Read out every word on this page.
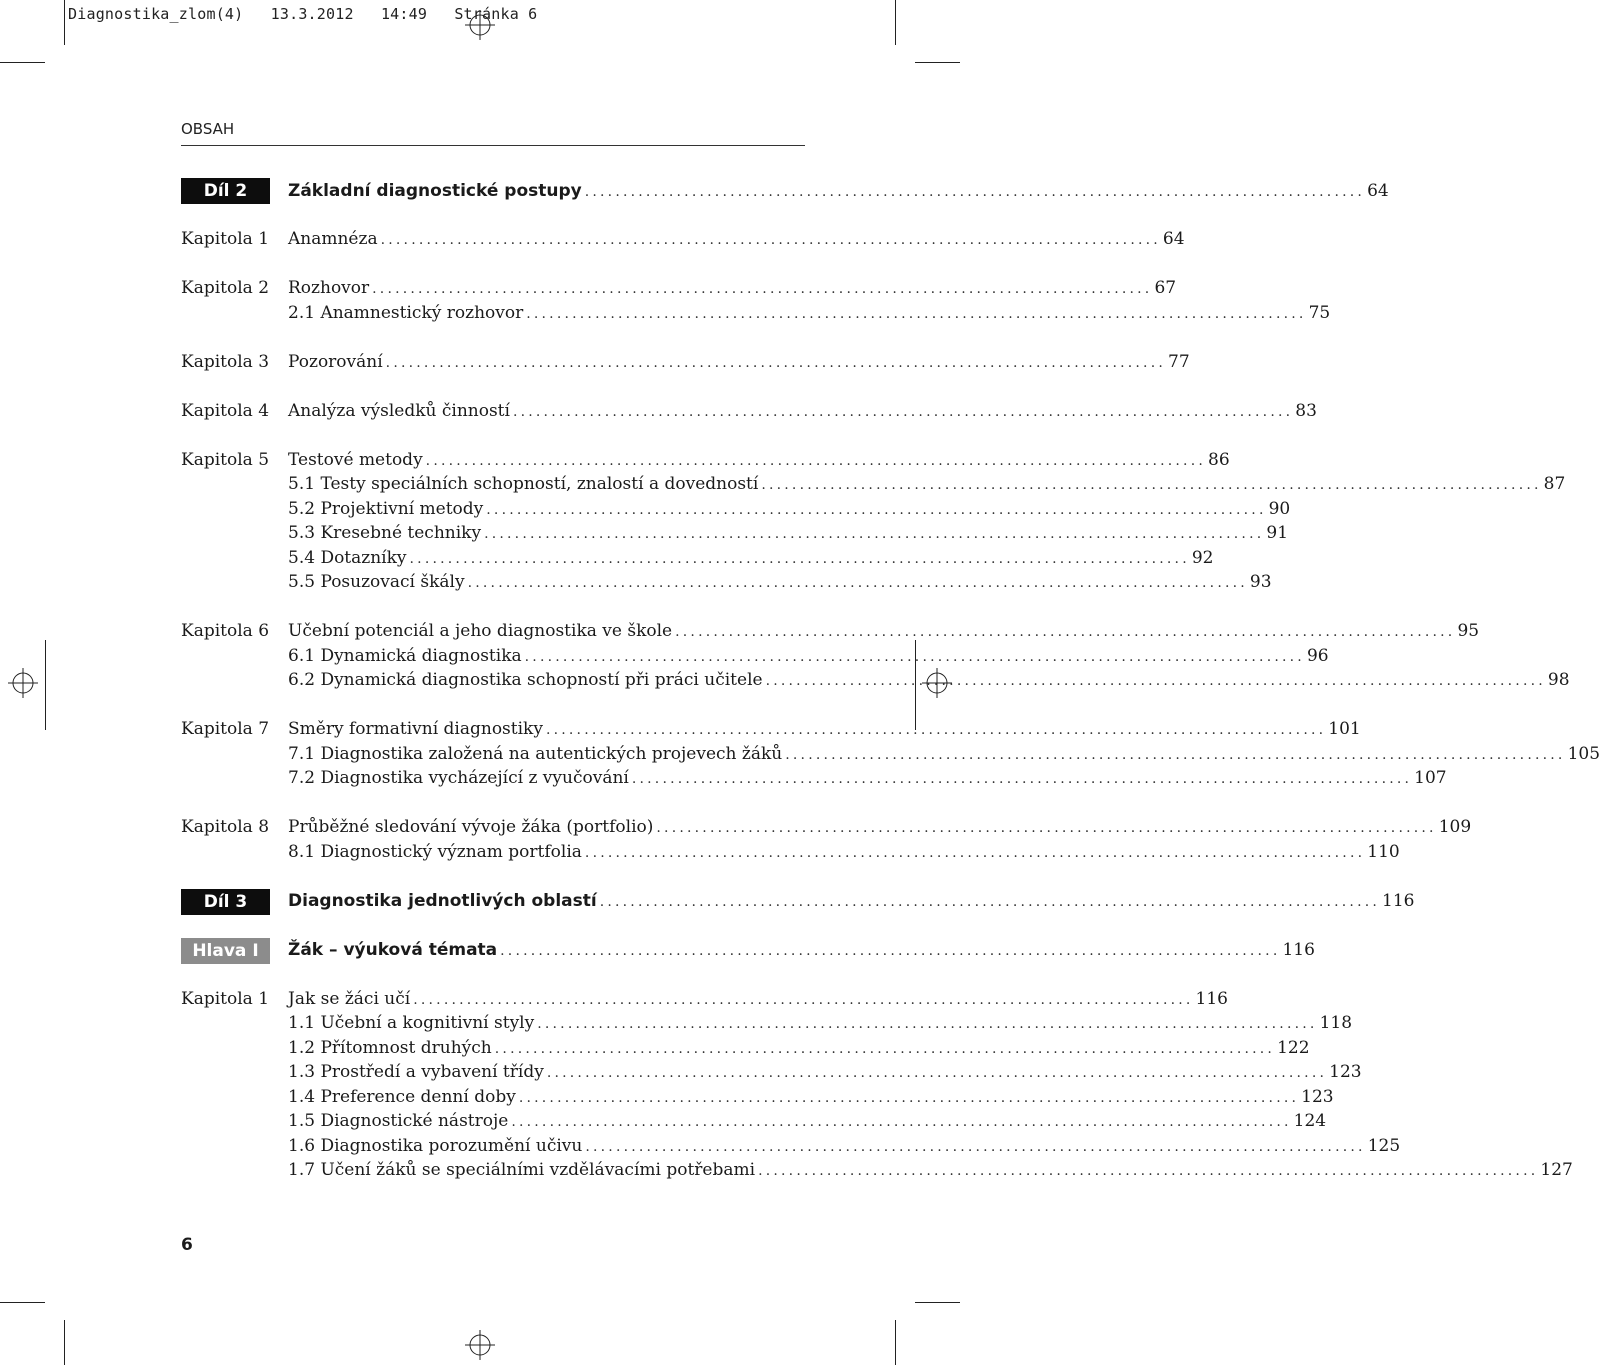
Diagnostika_zlom(4) 13.3.2012 14:49 Stránka 6
OBSAH
Díl 2	Základní diagnostické postupy .....	64
Kapitola 1	Anamnéza .....	64
Kapitola 2	Rozhovor .....	67
2.1 Anamnestický rozhovor .....	75
Kapitola 3	Pozorování .....	77
Kapitola 4	Analýza výsledků činností .....	83
Kapitola 5	Testové metody .....	86
5.1 Testy speciálních schopností, znalostí a dovedností .....	87
5.2 Projektivní metody .....	90
5.3 Kresebné techniky .....	91
5.4 Dotazníky .....	92
5.5 Posuzovací škály .....	93
Kapitola 6	Učební potenciál a jeho diagnostika ve škole .....	95
6.1 Dynamická diagnostika .....	96
6.2 Dynamická diagnostika schopností při práci učitele .....	98
Kapitola 7	Směry formativní diagnostiky .....	101
7.1 Diagnostika založená na autentických projevech žáků .....	105
7.2 Diagnostika vycházející z vyučování .....	107
Kapitola 8	Průběžné sledování vývoje žáka (portfolio) .....	109
8.1 Diagnostický význam portfolia .....	110
Díl 3	Diagnostika jednotlivých oblastí .....	116
Hlava I	Žák – výuková témata .....	116
Kapitola 1	Jak se žáci učí .....	116
1.1 Učební a kognitivní styly .....	118
1.2 Přítomnost druhých .....	122
1.3 Prostředí a vybavení třídy .....	123
1.4 Preference denní doby .....	123
1.5 Diagnostické nástroje .....	124
1.6 Diagnostika porozumění učivu .....	125
1.7 Učení žáků se speciálními vzdělávacími potřebami .....	127
6
